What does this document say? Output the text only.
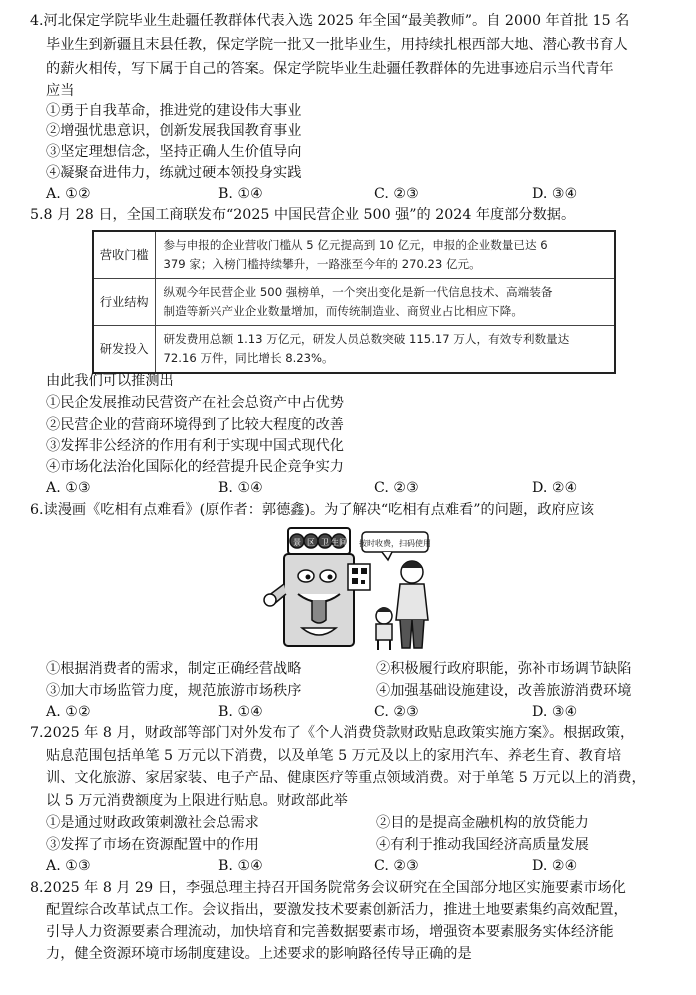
4.河北保定学院毕业生赴疆任教群体代表入选 2025 年全国“最美教师”。自 2000 年首批 15 名
毕业生到新疆且末县任教，保定学院一批又一批毕业生，用持续扎根西部大地、潜心教书育人
的薪火相传，写下属于自己的答案。保定学院毕业生赴疆任教群体的先进事迹启示当代青年
应当
①勇于自我革命，推进党的建设伟大事业
②增强忧患意识，创新发展我国教育事业
③坚定理想信念，坚持正确人生价值导向
④凝聚奋进伟力，练就过硬本领投身实践
A. ①②	B. ①④	C. ②③	D. ③④
5.8 月 28 日，全国工商联发布“2025 中国民营企业 500 强”的 2024 年度部分数据。
营收门槛	参与申报的企业营收门槛从 5 亿元提高到 10 亿元，申报的企业数量已达 6
379 家；入榜门槛持续攀升，一路涨至今年的 270.23 亿元。

行业结构	纵观今年民营企业 500 强榜单，一个突出变化是新一代信息技术、高端装备
制造等新兴产业企业数量增加，而传统制造业、商贸业占比相应下降。

研发投入	研发费用总额 1.13 万亿元，研发人员总数突破 115.17 万人，有效专利数量达
72.16 万件，同比增长 8.23%。
由此我们可以推测出
①民企发展推动民营资产在社会总资产中占优势
②民营企业的营商环境得到了比较大程度的改善
③发挥非公经济的作用有利于实现中国式现代化
④市场化法治化国际化的经营提升民企竞争实力
A. ①③	B. ①④	C. ②③	D. ②④
6.读漫画《吃相有点难看》(原作者：郭德鑫)。为了解决“吃相有点难看”的问题，政府应该
景 区 卫 生间 按时收费，扫码使用
①根据消费者的需求，制定正确经营战略	②积极履行政府职能，弥补市场调节缺陷
③加大市场监管力度，规范旅游市场秩序	④加强基础设施建设，改善旅游消费环境
A. ①②	B. ①④	C. ②③	D. ③④
7.2025 年 8 月，财政部等部门对外发布了《个人消费贷款财政贴息政策实施方案》。根据政策，
贴息范围包括单笔 5 万元以下消费，以及单笔 5 万元及以上的家用汽车、养老生育、教育培
训、文化旅游、家居家装、电子产品、健康医疗等重点领域消费。对于单笔 5 万元以上的消费，
以 5 万元消费额度为上限进行贴息。财政部此举
①是通过财政政策刺激社会总需求	②目的是提高金融机构的放贷能力
③发挥了市场在资源配置中的作用	④有利于推动我国经济高质量发展
A. ①③	B. ①④	C. ②③	D. ②④
8.2025 年 8 月 29 日，李强总理主持召开国务院常务会议研究在全国部分地区实施要素市场化
配置综合改革试点工作。会议指出，要激发技术要素创新活力，推进土地要素集约高效配置，
引导人力资源要素合理流动，加快培育和完善数据要素市场，增强资本要素服务实体经济能
力，健全资源环境市场制度建设。上述要求的影响路径传导正确的是
